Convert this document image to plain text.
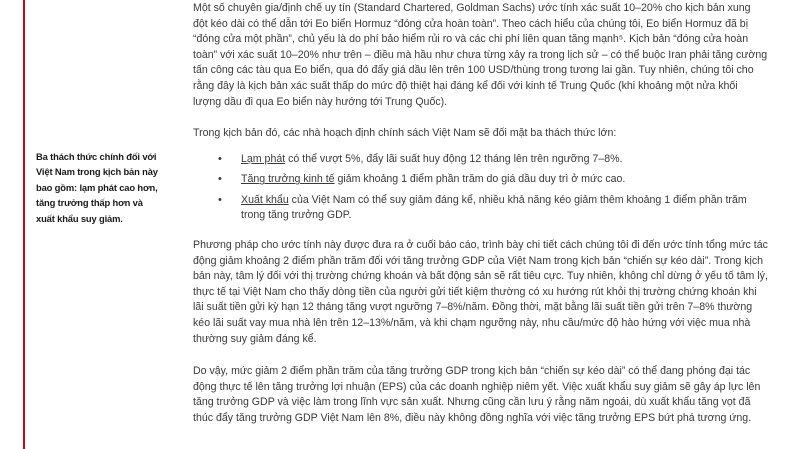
Ba thách thức chính đối với Việt Nam trong kịch bản này bao gồm: lạm phát cao hơn, tăng trưởng thấp hơn và xuất khẩu suy giảm.

Một số chuyên gia/định chế uy tín (Standard Chartered, Goldman Sachs) ước tính xác suất 10–20% cho kịch bản xung đột kéo dài có thể dẫn tới Eo biển Hormuz “đóng cửa hoàn toàn”. Theo cách hiểu của chúng tôi, Eo biển Hormuz đã bị “đóng cửa một phần”, chủ yếu là do phí bảo hiểm rủi ro và các chi phí liên quan tăng mạnh⁵. Kịch bản “đóng cửa hoàn toàn” với xác suất 10–20% như trên – điều mà hầu như chưa từng xảy ra trong lịch sử – có thể buộc Iran phải tăng cường tấn công các tàu qua Eo biển, qua đó đẩy giá dầu lên trên 100 USD/thùng trong tương lai gần. Tuy nhiên, chúng tôi cho rằng đây là kịch bản xác suất thấp do mức độ thiệt hại đáng kể đối với kinh tế Trung Quốc (khi khoảng một nửa khối lượng dầu đi qua Eo biển này hướng tới Trung Quốc).

Trong kịch bản đó, các nhà hoạch định chính sách Việt Nam sẽ đối mặt ba thách thức lớn:

• Lạm phát có thể vượt 5%, đẩy lãi suất huy động 12 tháng lên trên ngưỡng 7–8%.
• Tăng trưởng kinh tế giảm khoảng 1 điểm phần trăm do giá dầu duy trì ở mức cao.
• Xuất khẩu của Việt Nam có thể suy giảm đáng kể, nhiều khả năng kéo giảm thêm khoảng 1 điểm phần trăm trong tăng trưởng GDP.

Phương pháp cho ước tính này được đưa ra ở cuối báo cáo, trình bày chi tiết cách chúng tôi đi đến ước tính tổng mức tác động giảm khoảng 2 điểm phần trăm đối với tăng trưởng GDP của Việt Nam trong kịch bản “chiến sự kéo dài”. Trong kịch bản này, tâm lý đối với thị trường chứng khoán và bất động sản sẽ rất tiêu cực. Tuy nhiên, không chỉ dừng ở yếu tố tâm lý, thực tế tại Việt Nam cho thấy dòng tiền của người gửi tiết kiệm thường có xu hướng rút khỏi thị trường chứng khoán khi lãi suất tiền gửi kỳ hạn 12 tháng tăng vượt ngưỡng 7–8%/năm. Đồng thời, mặt bằng lãi suất tiền gửi trên 7–8% thường kéo lãi suất vay mua nhà lên trên 12–13%/năm, và khi chạm ngưỡng này, nhu cầu/mức độ hào hứng với việc mua nhà thường suy giảm đáng kể.

Do vậy, mức giảm 2 điểm phần trăm của tăng trưởng GDP trong kịch bản “chiến sự kéo dài” có thể đang phóng đại tác động thực tế lên tăng trưởng lợi nhuận (EPS) của các doanh nghiệp niêm yết. Việc xuất khẩu suy giảm sẽ gây áp lực lên tăng trưởng GDP và việc làm trong lĩnh vực sản xuất. Nhưng cũng cần lưu ý rằng năm ngoái, dù xuất khẩu tăng vọt đã thúc đẩy tăng trưởng GDP Việt Nam lên 8%, điều này không đồng nghĩa với việc tăng trưởng EPS bứt phá tương ứng.
